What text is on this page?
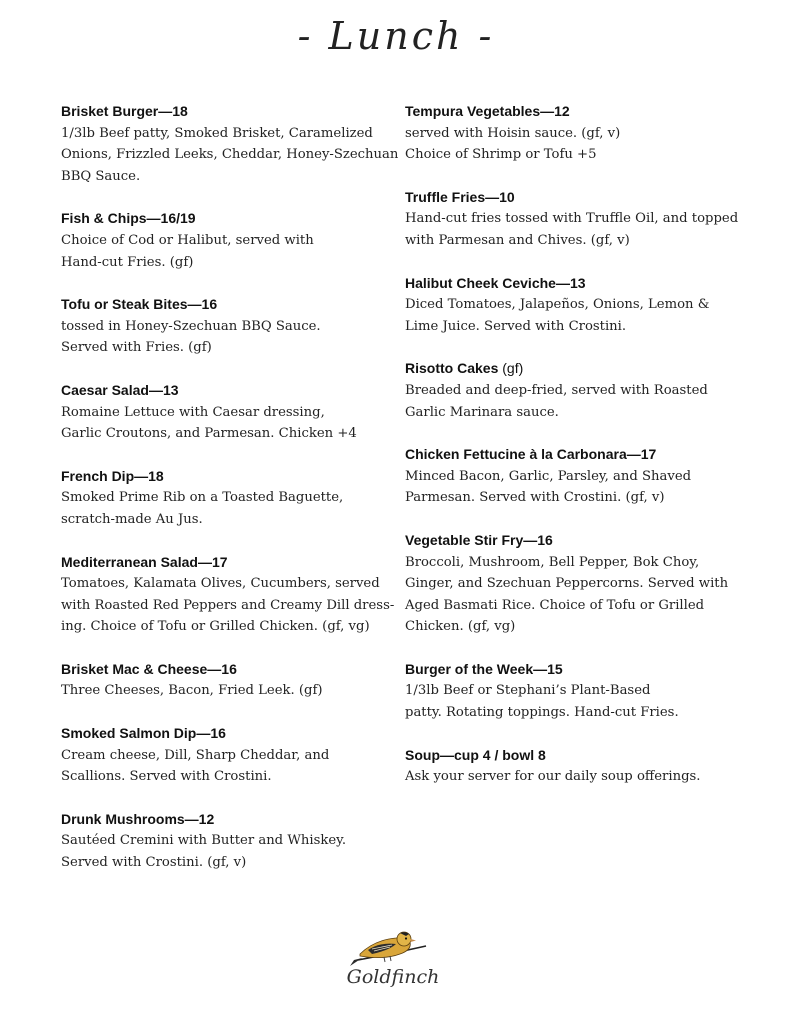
- Lunch -
Brisket Burger—18
1/3lb Beef patty, Smoked Brisket, Caramelized
Onions, Frizzled Leeks, Cheddar, Honey-Szechuan
BBQ Sauce.
Fish & Chips—16/19
Choice of Cod or Halibut, served with
Hand-cut Fries. (gf)
Tofu or Steak Bites—16
tossed in Honey-Szechuan BBQ Sauce.
Served with Fries. (gf)
Caesar Salad—13
Romaine Lettuce with Caesar dressing,
Garlic Croutons, and Parmesan. Chicken +4
French Dip—18
Smoked Prime Rib on a Toasted Baguette,
scratch-made Au Jus.
Mediterranean Salad—17
Tomatoes, Kalamata Olives, Cucumbers, served
with Roasted Red Peppers and Creamy Dill dress-
ing. Choice of Tofu or Grilled Chicken. (gf, vg)
Brisket Mac & Cheese—16
Three Cheeses, Bacon, Fried Leek. (gf)
Smoked Salmon Dip—16
Cream cheese, Dill, Sharp Cheddar, and
Scallions. Served with Crostini.
Drunk Mushrooms—12
Sautéed Cremini with Butter and Whiskey.
Served with Crostini. (gf, v)
Tempura Vegetables—12
served with Hoisin sauce. (gf, v)
Choice of Shrimp or Tofu +5
Truffle Fries—10
Hand-cut fries tossed with Truffle Oil, and topped
with Parmesan and Chives. (gf, v)
Halibut Cheek Ceviche—13
Diced Tomatoes, Jalapeños, Onions, Lemon &
Lime Juice. Served with Crostini.
Risotto Cakes (gf)
Breaded and deep-fried, served with Roasted
Garlic Marinara sauce.
Chicken Fettucine à la Carbonara—17
Minced Bacon, Garlic, Parsley, and Shaved
Parmesan. Served with Crostini. (gf, v)
Vegetable Stir Fry—16
Broccoli, Mushroom, Bell Pepper, Bok Choy,
Ginger, and Szechuan Peppercorns. Served with
Aged Basmati Rice. Choice of Tofu or Grilled
Chicken. (gf, vg)
Burger of the Week—15
1/3lb Beef or Stephani’s Plant-Based
patty. Rotating toppings. Hand-cut Fries.
Soup—cup 4 / bowl 8
Ask your server for our daily soup offerings.
Goldfinch
